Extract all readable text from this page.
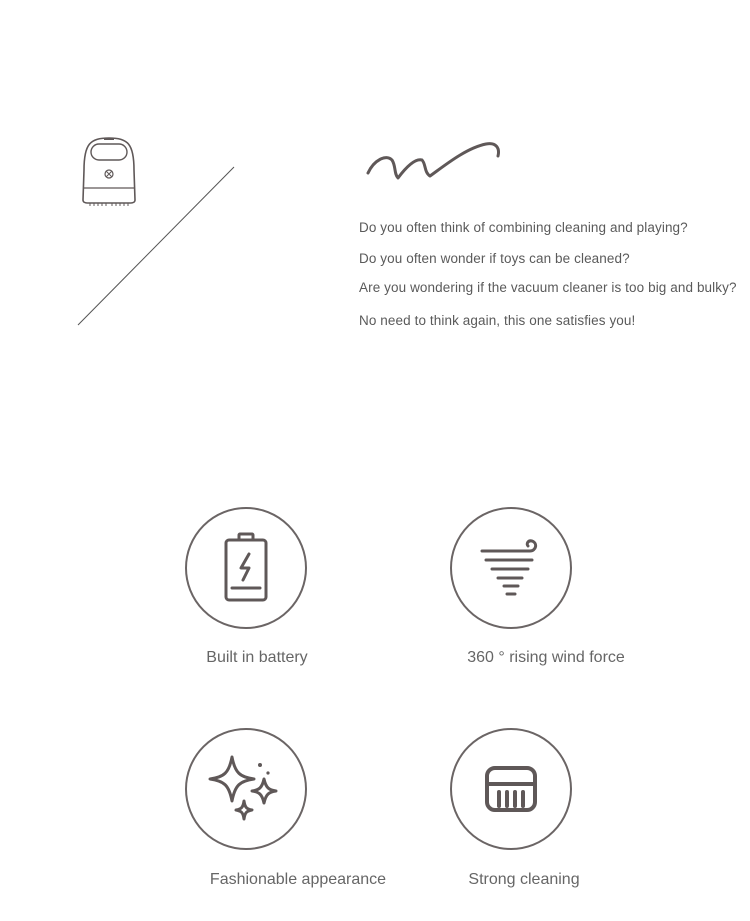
Do you often think of combining cleaning and playing?
Do you often wonder if toys can be cleaned?
Are you wondering if the vacuum cleaner is too big and bulky?
No need to think again, this one satisfies you!
Built in battery	360 ° rising wind force
Fashionable appearance	Strong cleaning
